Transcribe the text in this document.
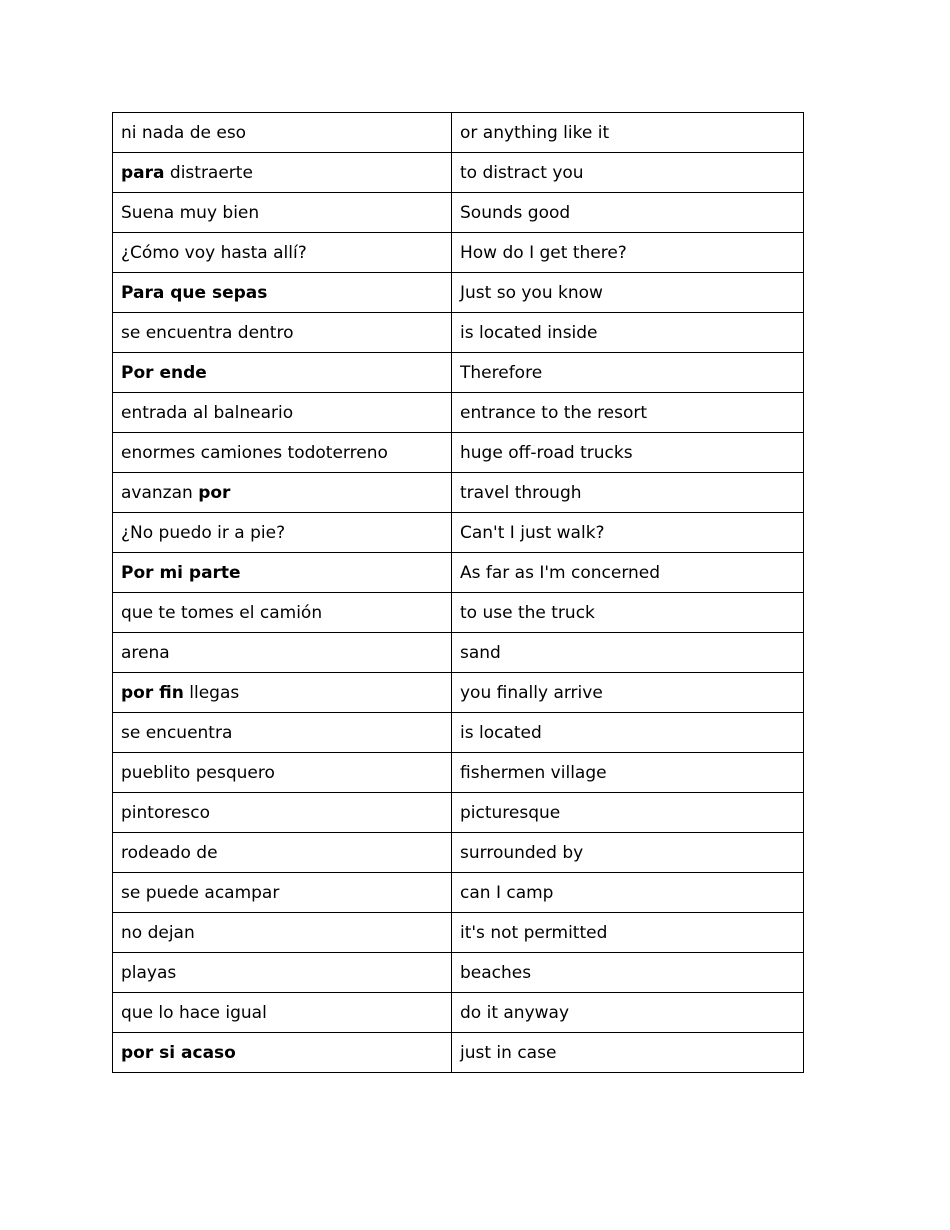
ni nada de eso	or anything like it
para distraerte	to distract you
Suena muy bien	Sounds good
¿Cómo voy hasta allí?	How do I get there?
Para que sepas	Just so you know
se encuentra dentro	is located inside
Por ende	Therefore
entrada al balneario	entrance to the resort
enormes camiones todoterreno	huge off-road trucks
avanzan por	travel through
¿No puedo ir a pie?	Can't I just walk?
Por mi parte	As far as I'm concerned
que te tomes el camión	to use the truck
arena	sand
por fin llegas	you finally arrive
se encuentra	is located
pueblito pesquero	fishermen village
pintoresco	picturesque
rodeado de	surrounded by
se puede acampar	can I camp
no dejan	it's not permitted
playas	beaches
que lo hace igual	do it anyway
por si acaso	just in case
